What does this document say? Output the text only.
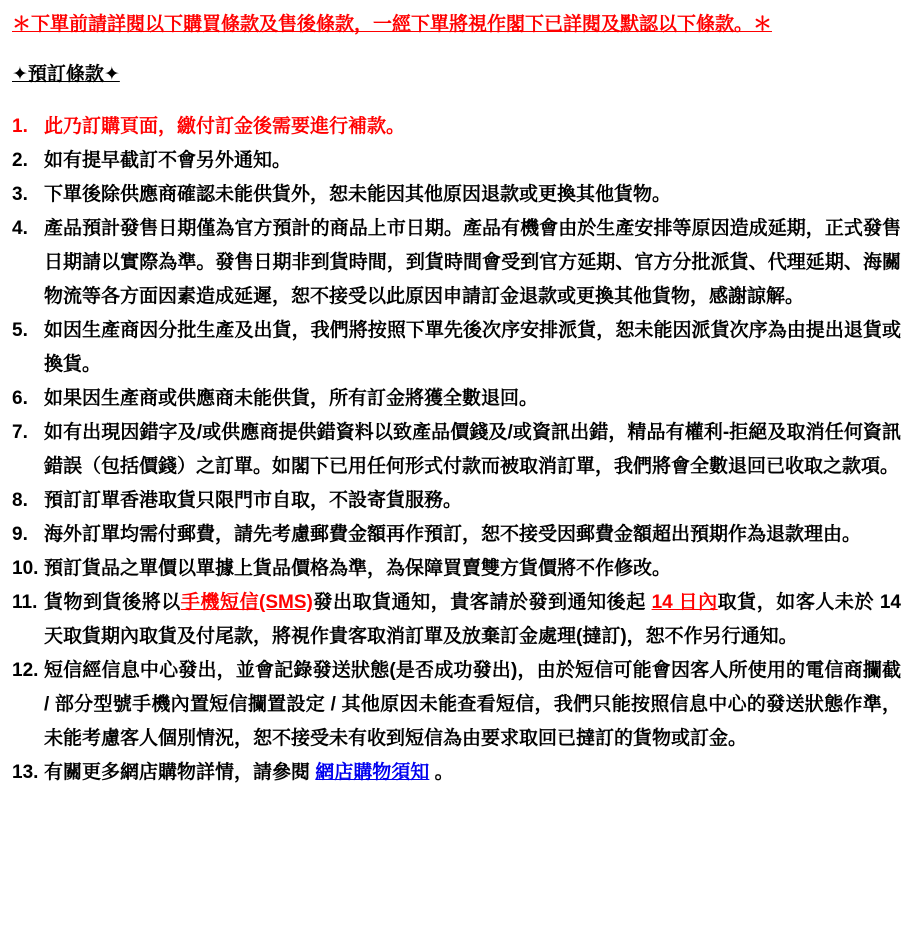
＊下單前請詳閱以下購買條款及售後條款，一經下單將視作閣下已詳閱及默認以下條款。＊

✦預訂條款✦

1. 此乃訂購頁面，繳付訂金後需要進行補款。
2. 如有提早截訂不會另外通知。
3. 下單後除供應商確認未能供貨外，恕未能因其他原因退款或更換其他貨物。
4. 產品預計發售日期僅為官方預計的商品上市日期。產品有機會由於生產安排等原因造成延期，正式發售日期請以實際為準。發售日期非到貨時間，到貨時間會受到官方延期、官方分批派貨、代理延期、海關物流等各方面因素造成延遲，恕不接受以此原因申請訂金退款或更換其他貨物，感謝諒解。
5. 如因生產商因分批生產及出貨，我們將按照下單先後次序安排派貨，恕未能因派貨次序為由提出退貨或換貨。
6. 如果因生產商或供應商未能供貨，所有訂金將獲全數退回。
7. 如有出現因錯字及/或供應商提供錯資料以致產品價錢及/或資訊出錯，精品有權利-拒絕及取消任何資訊錯誤（包括價錢）之訂單。如閣下已用任何形式付款而被取消訂單，我們將會全數退回已收取之款項。
8. 預訂訂單香港取貨只限門市自取，不設寄貨服務。
9. 海外訂單均需付郵費，請先考慮郵費金額再作預訂，恕不接受因郵費金額超出預期作為退款理由。
10. 預訂貨品之單價以單據上貨品價格為準，為保障買賣雙方貨價將不作修改。
11. 貨物到貨後將以手機短信(SMS)發出取貨通知，貴客請於發到通知後起 14 日內取貨，如客人未於 14 天取貨期內取貨及付尾款，將視作貴客取消訂單及放棄訂金處理(撻訂)，恕不作另行通知。
12. 短信經信息中心發出，並會記錄發送狀態(是否成功發出)，由於短信可能會因客人所使用的電信商攔截 / 部分型號手機內置短信攔置設定 / 其他原因未能查看短信，我們只能按照信息中心的發送狀態作準，未能考慮客人個別情況，恕不接受未有收到短信為由要求取回已撻訂的貨物或訂金。
13. 有關更多網店購物詳情，請參閱 網店購物須知 。
